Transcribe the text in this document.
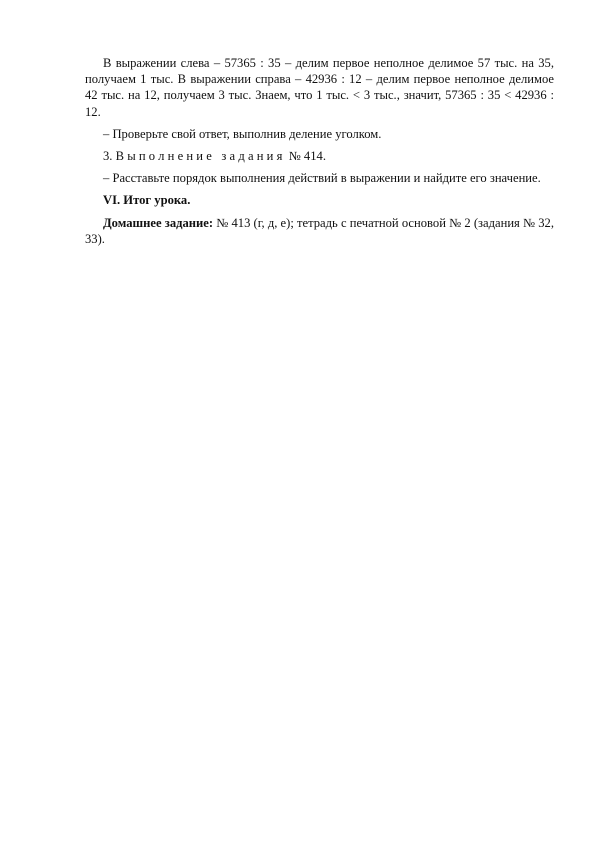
В выражении слева – 57365 : 35 – делим первое неполное делимое 57 тыс. на 35, получаем 1 тыс. В выражении справа – 42936 : 12 – делим первое неполное делимое 42 тыс. на 12, получаем 3 тыс. Знаем, что 1 тыс. < 3 тыс., значит, 57365 : 35 < 42936 : 12.

– Проверьте свой ответ, выполнив деление уголком.

3. Выполнение задания № 414.

– Расставьте порядок выполнения действий в выражении и найдите его значение.

VI. Итог урока.

Домашнее задание: № 413 (г, д, е); тетрадь с печатной основой № 2 (задания № 32, 33).
